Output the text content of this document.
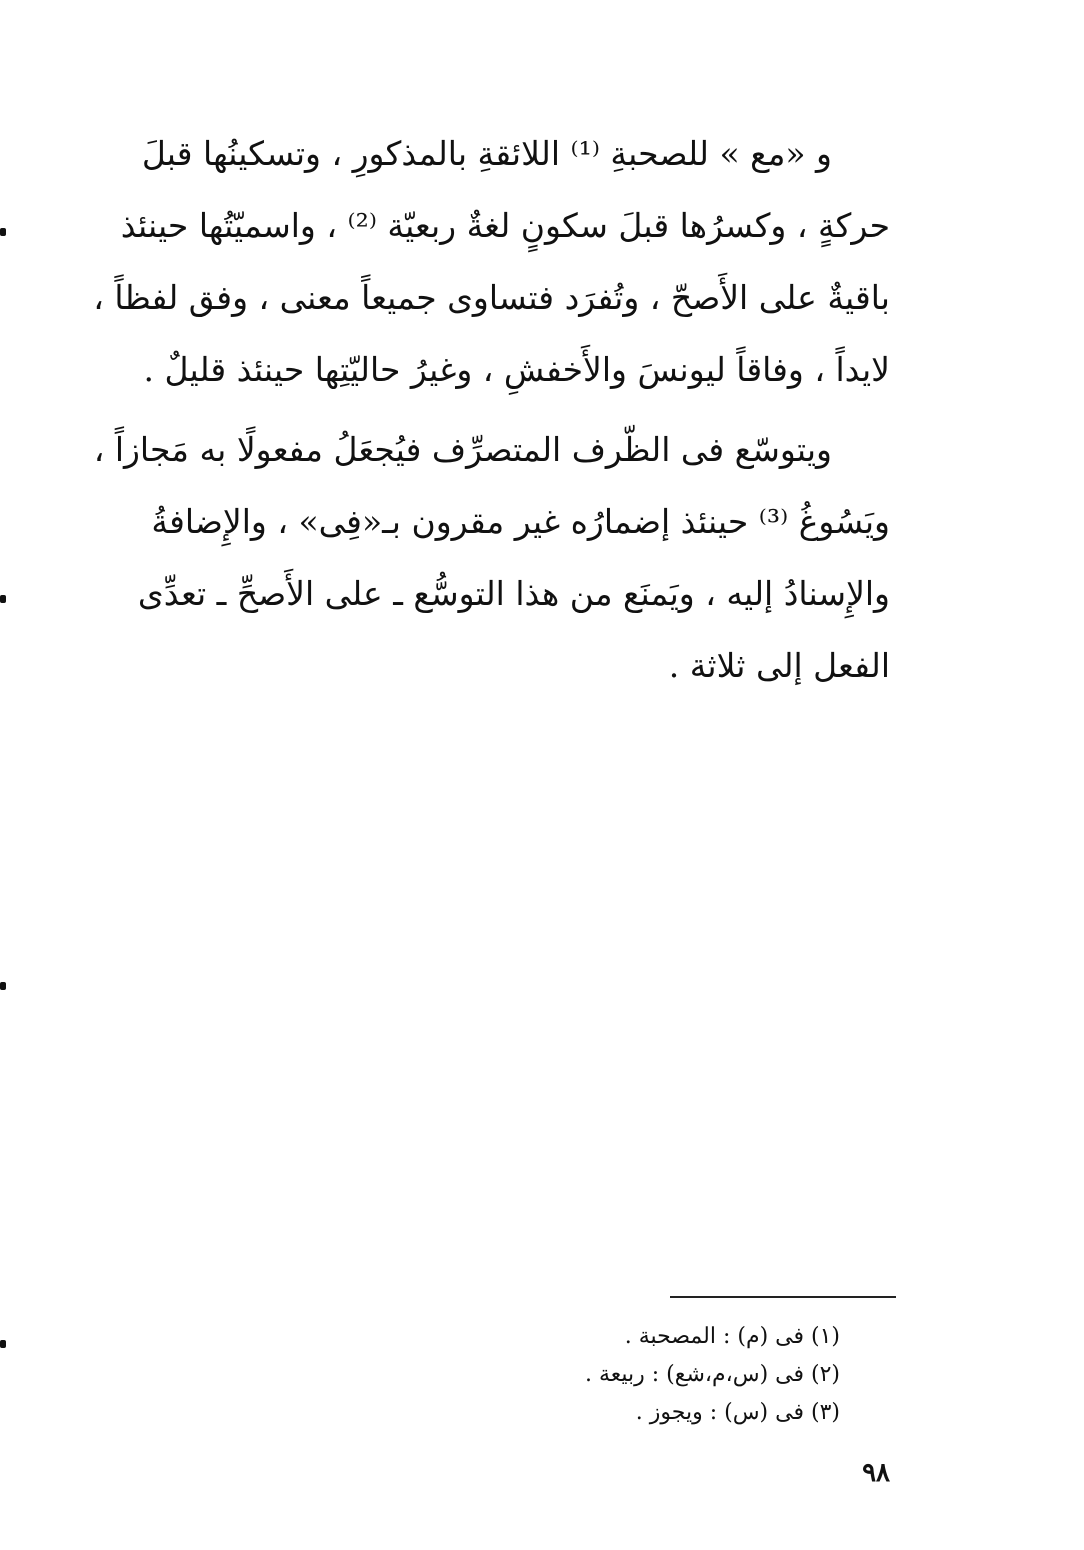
و «مع » للصحبةِ ⁽¹⁾ اللائقةِ بالمذكورِ ، وتسكينُها قبلَ
حركةٍ ، وكسرُها قبلَ سكونٍ لغةٌ ربعيّة ⁽²⁾ ، واسميّتُها حينئذ
باقيةٌ على الأَصحّ ، وتُفرَد فتساوى جميعاً معنى ، وفق لفظاً ،
لايداً ، وفاقاً ليونسَ والأَخفشِ ، وغيرُ حاليّتِها حينئذ قليلٌ .

ويتوسّع فى الظّرف المتصرِّف فيُجعَلُ مفعولًا به مَجازاً ،
ويَسُوغُ ⁽³⁾ حينئذ إضمارُه غير مقرون بـ«فِى» ، والإِضافةُ
والإِسنادُ إليه ، ويَمنَع من هذا التوسُّع ـ على الأَصحِّ ـ تعدِّى
الفعل إلى ثلاثة .

(١) فى (م) : المصحبة .
(٢) فى (س،م،شع) : ربيعة .
(٣) فى (س) : ويجوز .
٩٨
